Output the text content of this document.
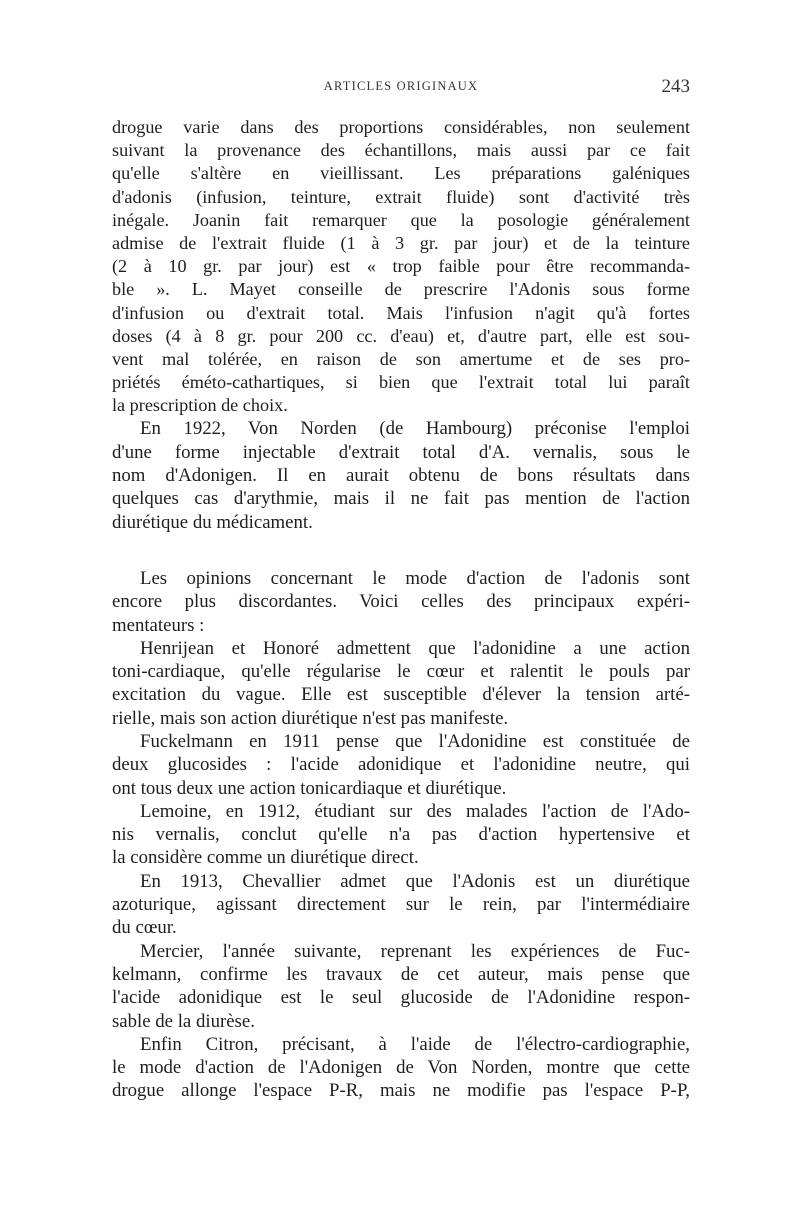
ARTICLES ORIGINAUX	243
drogue varie dans des proportions considérables, non seulement
suivant la provenance des échantillons, mais aussi par ce fait
qu'elle s'altère en vieillissant. Les préparations galéniques
d'adonis (infusion, teinture, extrait fluide) sont d'activité très
inégale. Joanin fait remarquer que la posologie généralement
admise de l'extrait fluide (1 à 3 gr. par jour) et de la teinture
(2 à 10 gr. par jour) est « trop faible pour être recommanda-
ble ». L. Mayet conseille de prescrire l'Adonis sous forme
d'infusion ou d'extrait total. Mais l'infusion n'agit qu'à fortes
doses (4 à 8 gr. pour 200 cc. d'eau) et, d'autre part, elle est sou-
vent mal tolérée, en raison de son amertume et de ses pro-
priétés éméto-cathartiques, si bien que l'extrait total lui paraît
la prescription de choix.
En 1922, Von Norden (de Hambourg) préconise l'emploi
d'une forme injectable d'extrait total d'A. vernalis, sous le
nom d'Adonigen. Il en aurait obtenu de bons résultats dans
quelques cas d'arythmie, mais il ne fait pas mention de l'action
diurétique du médicament.
Les opinions concernant le mode d'action de l'adonis sont
encore plus discordantes. Voici celles des principaux expéri-
mentateurs :
Henrijean et Honoré admettent que l'adonidine a une action
toni-cardiaque, qu'elle régularise le cœur et ralentit le pouls par
excitation du vague. Elle est susceptible d'élever la tension arté-
rielle, mais son action diurétique n'est pas manifeste.
Fuckelmann en 1911 pense que l'Adonidine est constituée de
deux glucosides : l'acide adonidique et l'adonidine neutre, qui
ont tous deux une action tonicardiaque et diurétique.
Lemoine, en 1912, étudiant sur des malades l'action de l'Ado-
nis vernalis, conclut qu'elle n'a pas d'action hypertensive et
la considère comme un diurétique direct.
En 1913, Chevallier admet que l'Adonis est un diurétique
azoturique, agissant directement sur le rein, par l'intermédiaire
du cœur.
Mercier, l'année suivante, reprenant les expériences de Fuc-
kelmann, confirme les travaux de cet auteur, mais pense que
l'acide adonidique est le seul glucoside de l'Adonidine respon-
sable de la diurèse.
Enfin Citron, précisant, à l'aide de l'électro-cardiographie,
le mode d'action de l'Adonigen de Von Norden, montre que cette
drogue allonge l'espace P-R, mais ne modifie pas l'espace P-P,
